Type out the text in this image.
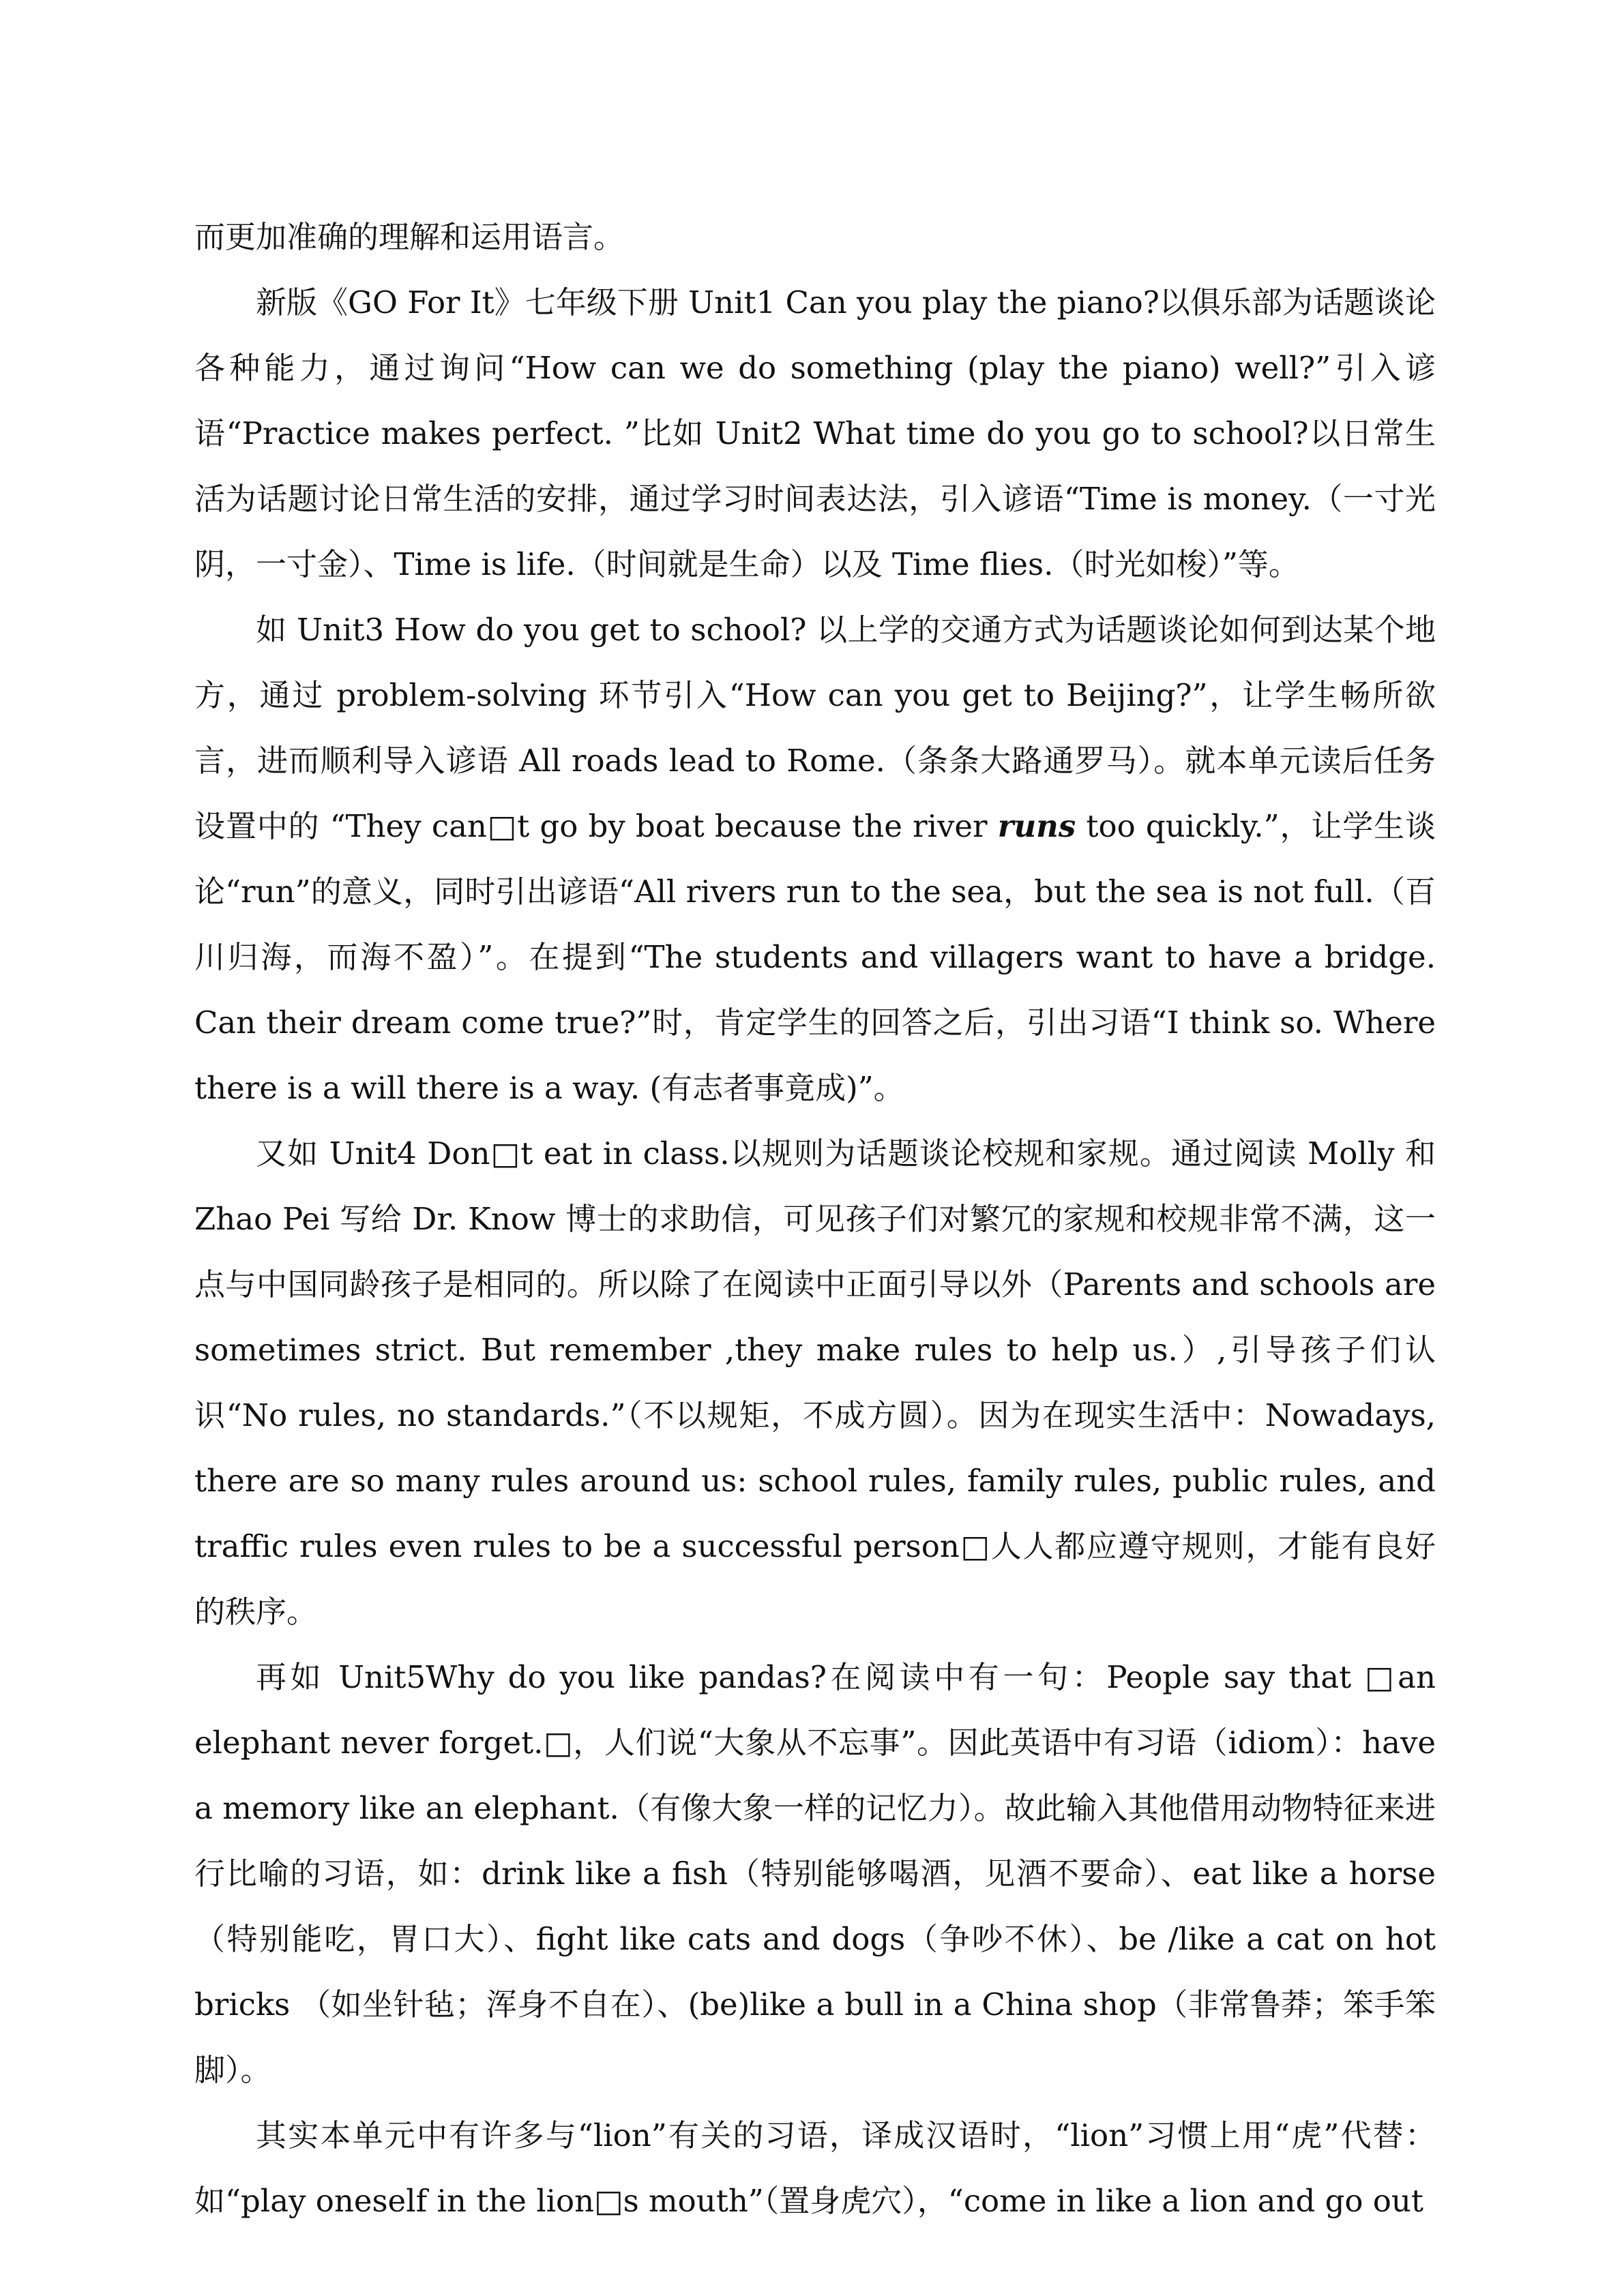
而更加准确的理解和运用语言。

新版《GO For It》七年级下册 Unit1 Can you play the piano?以俱乐部为话题谈论各种能力，通过询问“How can we do something (play the piano) well?”引入谚语“Practice makes perfect. ”比如 Unit2 What time do you go to school?以日常生活为话题讨论日常生活的安排，通过学习时间表达法，引入谚语“Time is money.（一寸光阴，一寸金）、Time is life.（时间就是生命）以及 Time flies.（时光如梭）”等。

如 Unit3 How do you get to school? 以上学的交通方式为话题谈论如何到达某个地方，通过 problem-solving 环节引入“How can you get to Beijing?”，让学生畅所欲言，进而顺利导入谚语 All roads lead to Rome.（条条大路通罗马）。就本单元读后任务设置中的 “They can□t go by boat because the river runs too quickly.”，让学生谈论“run”的意义，同时引出谚语“All rivers run to the sea，but the sea is not full.（百川归海，而海不盈）”。在提到“The students and villagers want to have a bridge. Can their dream come true?”时，肯定学生的回答之后，引出习语“I think so. Where there is a will there is a way. (有志者事竟成)”。

又如 Unit4 Don□t eat in class.以规则为话题谈论校规和家规。通过阅读 Molly 和 Zhao Pei 写给 Dr. Know 博士的求助信，可见孩子们对繁冗的家规和校规非常不满，这一点与中国同龄孩子是相同的。所以除了在阅读中正面引导以外（Parents and schools are sometimes strict. But remember ,they make rules to help us.）,引导孩子们认识“No rules, no standards.”（不以规矩，不成方圆）。因为在现实生活中：Nowadays, there are so many rules around us: school rules, family rules, public rules, and traffic rules even rules to be a successful person□人人都应遵守规则，才能有良好的秩序。

再如 Unit5Why do you like pandas?在阅读中有一句：People say that □an elephant never forget.□，人们说“大象从不忘事”。因此英语中有习语（idiom）：have a memory like an elephant.（有像大象一样的记忆力）。故此输入其他借用动物特征来进行比喻的习语，如：drink like a fish（特别能够喝酒，见酒不要命）、eat like a horse（特别能吃，胃口大）、fight like cats and dogs（争吵不休）、be /like a cat on hot bricks （如坐针毡；浑身不自在）、(be)like a bull in a China shop（非常鲁莽；笨手笨脚）。

其实本单元中有许多与“lion”有关的习语，译成汉语时，“lion”习惯上用“虎”代替：如“play oneself in the lion□s mouth”（置身虎穴），“come in like a lion and go out
